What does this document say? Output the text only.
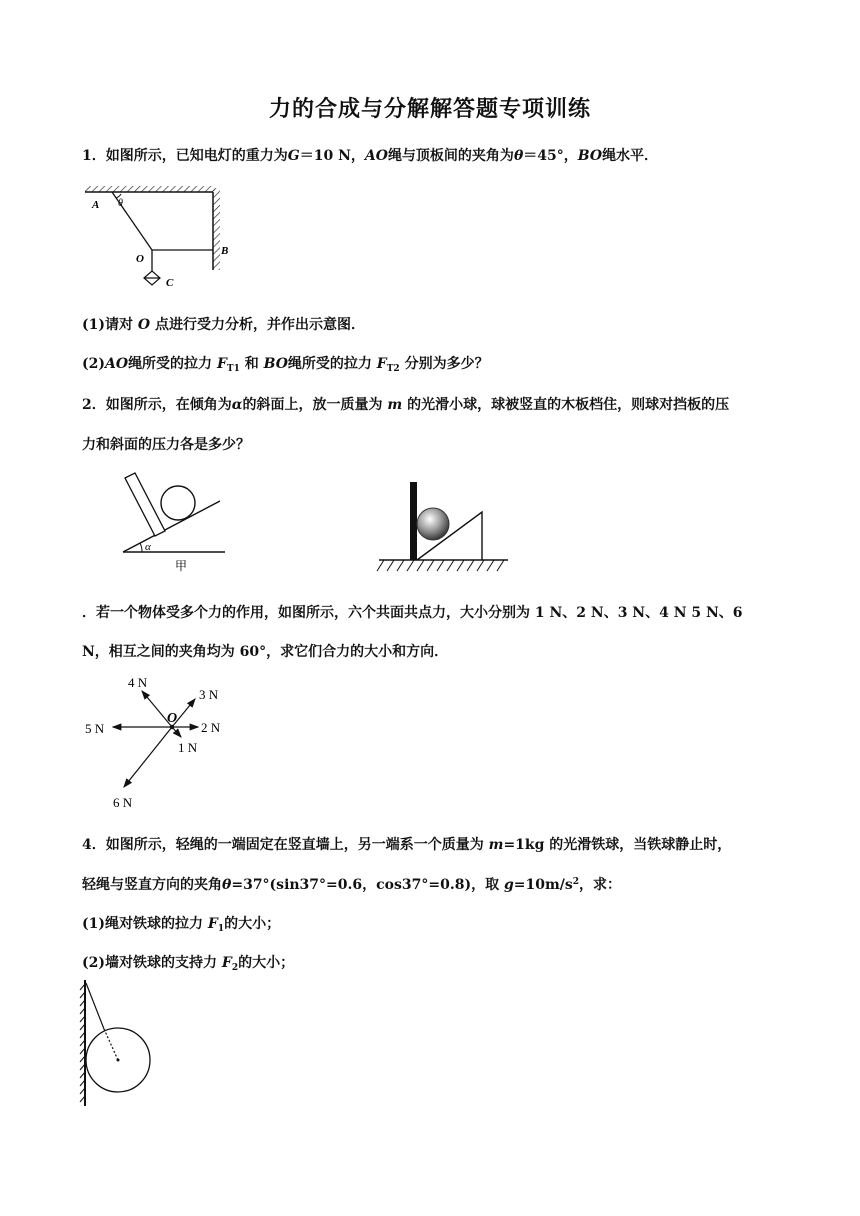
力的合成与分解解答题专项训练
1．如图所示，已知电灯的重力为G＝10 N，AO绳与顶板间的夹角为θ＝45°，BO绳水平．
A θ
O
B
C
(1)请对 O 点进行受力分析，并作出示意图．
(2)AO绳所受的拉力 $F_{T1}$ 和 BO绳所受的拉力 $F_{T2}$ 分别为多少？
2．如图所示，在倾角为α的斜面上，放一质量为 m 的光滑小球，球被竖直的木板档住，则球对挡板的压
力和斜面的压力各是多少？
α
甲
．若一个物体受多个力的作用，如图所示，六个共面共点力，大小分别为 1 N、2 N、3 N、4 N 5 N、6
N，相互之间的夹角均为 60°，求它们合力的大小和方向．
4 N
3 N
O
2 N
5 N
1 N
6 N
4．如图所示，轻绳的一端固定在竖直墙上，另一端系一个质量为 m=1kg 的光滑铁球，当铁球静止时，
轻绳与竖直方向的夹角θ=37°(sin37°=0.6，cos37°=0.8)，取 $g=10m/s^2$，求：
(1)绳对铁球的拉力 $F_1$的大小；
(2)墙对铁球的支持力 $F_2$的大小；
